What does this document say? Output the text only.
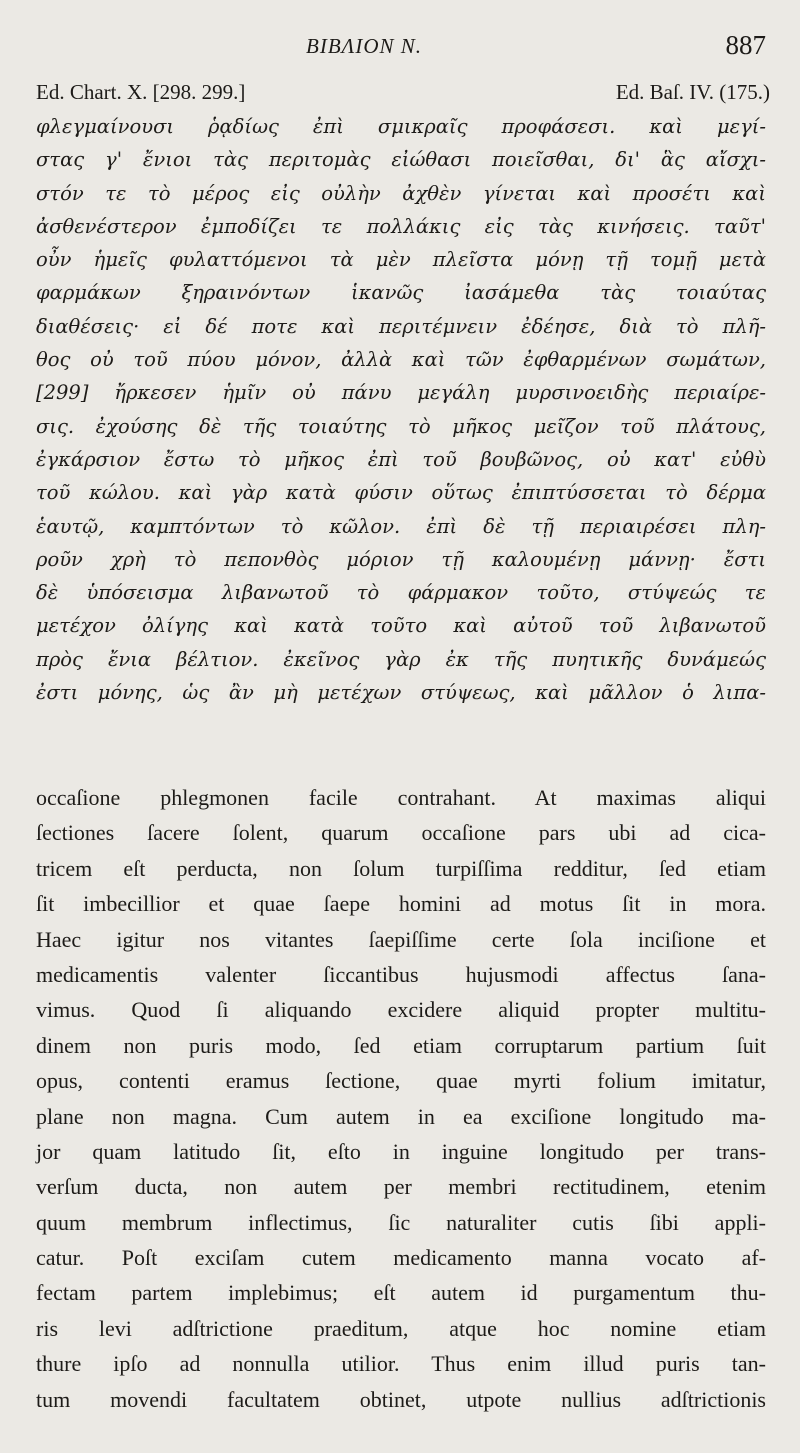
BIBΛΙΟΝ Ν.	887
Ed. Chart. X. [298. 299.]	Ed. Baſ. IV. (175.)
φλεγμαίνουσι ῥᾳδίως ἐπὶ σμικραῖς προφάσεσι. καὶ μεγί-
στας γ' ἔνιοι τὰς περιτομὰς εἰώθασι ποιεῖσθαι, δι' ἃς αἴσχι-
στόν τε τὸ μέρος εἰς οὐλὴν ἀχθὲν γίνεται καὶ προσέτι καὶ
ἀσθενέστερον ἐμποδίζει τε πολλάκις εἰς τὰς κινήσεις. ταῦτ'
οὖν ἡμεῖς φυλαττόμενοι τὰ μὲν πλεῖστα μόνῃ τῇ τομῇ μετὰ
φαρμάκων ξηραινόντων ἱκανῶς ἰασάμεθα τὰς τοιαύτας
διαθέσεις· εἰ δέ ποτε καὶ περιτέμνειν ἐδέησε, διὰ τὸ πλῆ-
θος οὐ τοῦ πύου μόνον, ἀλλὰ καὶ τῶν ἐφθαρμένων σωμάτων,
[299] ἤρκεσεν ἡμῖν οὐ πάνυ μεγάλη μυρσινοειδὴς περιαίρε-
σις. ἐχούσης δὲ τῆς τοιαύτης τὸ μῆκος μεῖζον τοῦ πλάτους,
ἐγκάρσιον ἔστω τὸ μῆκος ἐπὶ τοῦ βουβῶνος, οὐ κατ' εὐθὺ
τοῦ κώλου. καὶ γὰρ κατὰ φύσιν οὕτως ἐπιπτύσσεται τὸ δέρμα
ἑαυτῷ, καμπτόντων τὸ κῶλον. ἐπὶ δὲ τῇ περιαιρέσει πλη-
ροῦν χρὴ τὸ πεπονθὸς μόριον τῇ καλουμένῃ μάννῃ· ἔστι
δὲ ὑπόσεισμα λιβανωτοῦ τὸ φάρμακον τοῦτο, στύψεώς τε
μετέχον ὀλίγης καὶ κατὰ τοῦτο καὶ αὐτοῦ τοῦ λιβανωτοῦ
πρὸς ἔνια βέλτιον. ἐκεῖνος γὰρ ἐκ τῆς πυητικῆς δυνάμεώς
ἐστι μόνης, ὡς ἂν μὴ μετέχων στύψεως, καὶ μᾶλλον ὁ λιπα-
occaſione phlegmonen facile contrahant. At maximas aliqui
ſectiones ſacere ſolent, quarum occaſione pars ubi ad cica-
tricem eſt perducta, non ſolum turpiſſima redditur, ſed etiam
ſit imbecillior et quae ſaepe homini ad motus ſit in mora.
Haec igitur nos vitantes ſaepiſſime certe ſola inciſione et
medicamentis valenter ſiccantibus hujusmodi affectus ſana-
vimus. Quod ſi aliquando excidere aliquid propter multitu-
dinem non puris modo, ſed etiam corruptarum partium ſuit
opus, contenti eramus ſectione, quae myrti folium imitatur,
plane non magna. Cum autem in ea exciſione longitudo ma-
jor quam latitudo ſit, eſto in inguine longitudo per trans-
verſum ducta, non autem per membri rectitudinem, etenim
quum membrum inflectimus, ſic naturaliter cutis ſibi appli-
catur. Poſt exciſam cutem medicamento manna vocato af-
fectam partem implebimus; eſt autem id purgamentum thu-
ris levi adſtrictione praeditum, atque hoc nomine etiam
thure ipſo ad nonnulla utilior. Thus enim illud puris tan-
tum movendi facultatem obtinet, utpote nullius adſtrictionis
